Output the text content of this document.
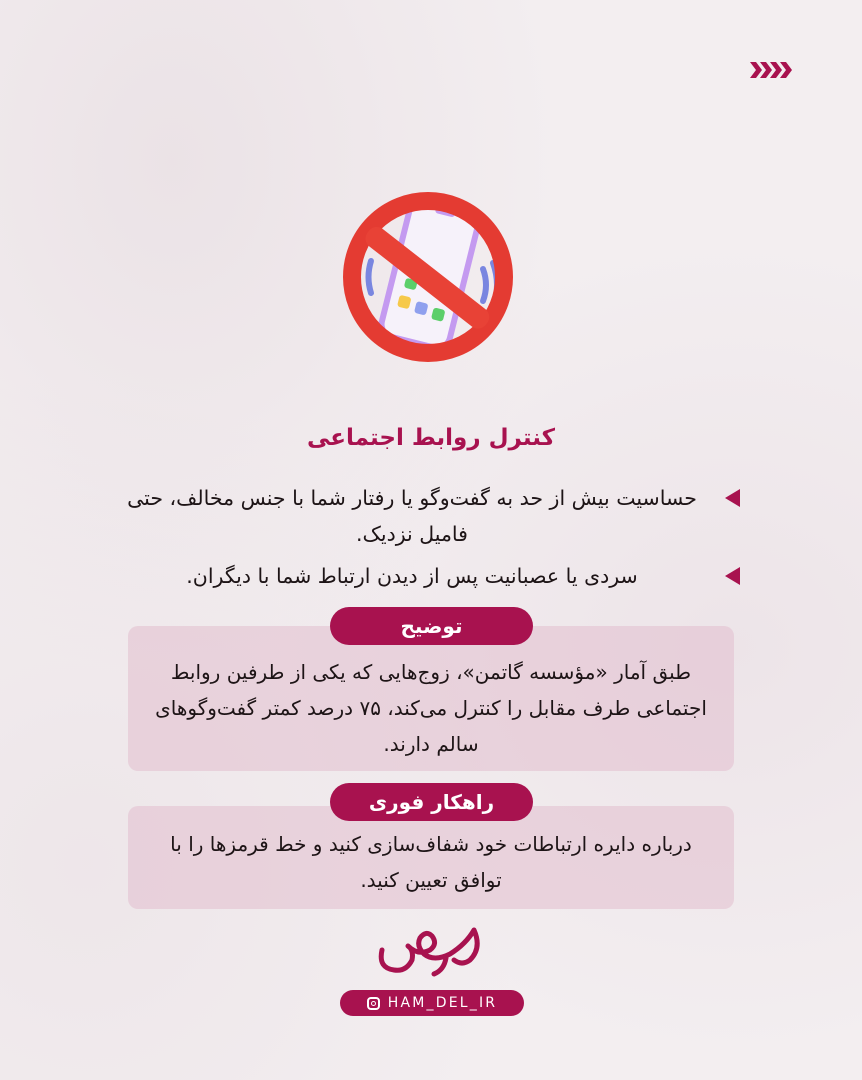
کنترل روابط اجتماعی
حساسیت بیش از حد به گفت‌وگو یا رفتار شما با جنس مخالف، حتی فامیل نزدیک.
سردی یا عصبانیت پس از دیدن ارتباط شما با دیگران.
طبق آمار «مؤسسه گاتمن»، زوج‌هایی که یکی از طرفین روابط اجتماعی طرف مقابل را کنترل می‌کند، ۷۵ درصد کمتر گفت‌وگوهای سالم دارند.
توضیح
درباره دایره ارتباطات خود شفاف‌سازی کنید و خط قرمزها را با توافق تعیین کنید.
راهکار فوری
همدل
HAM_DEL_IR
